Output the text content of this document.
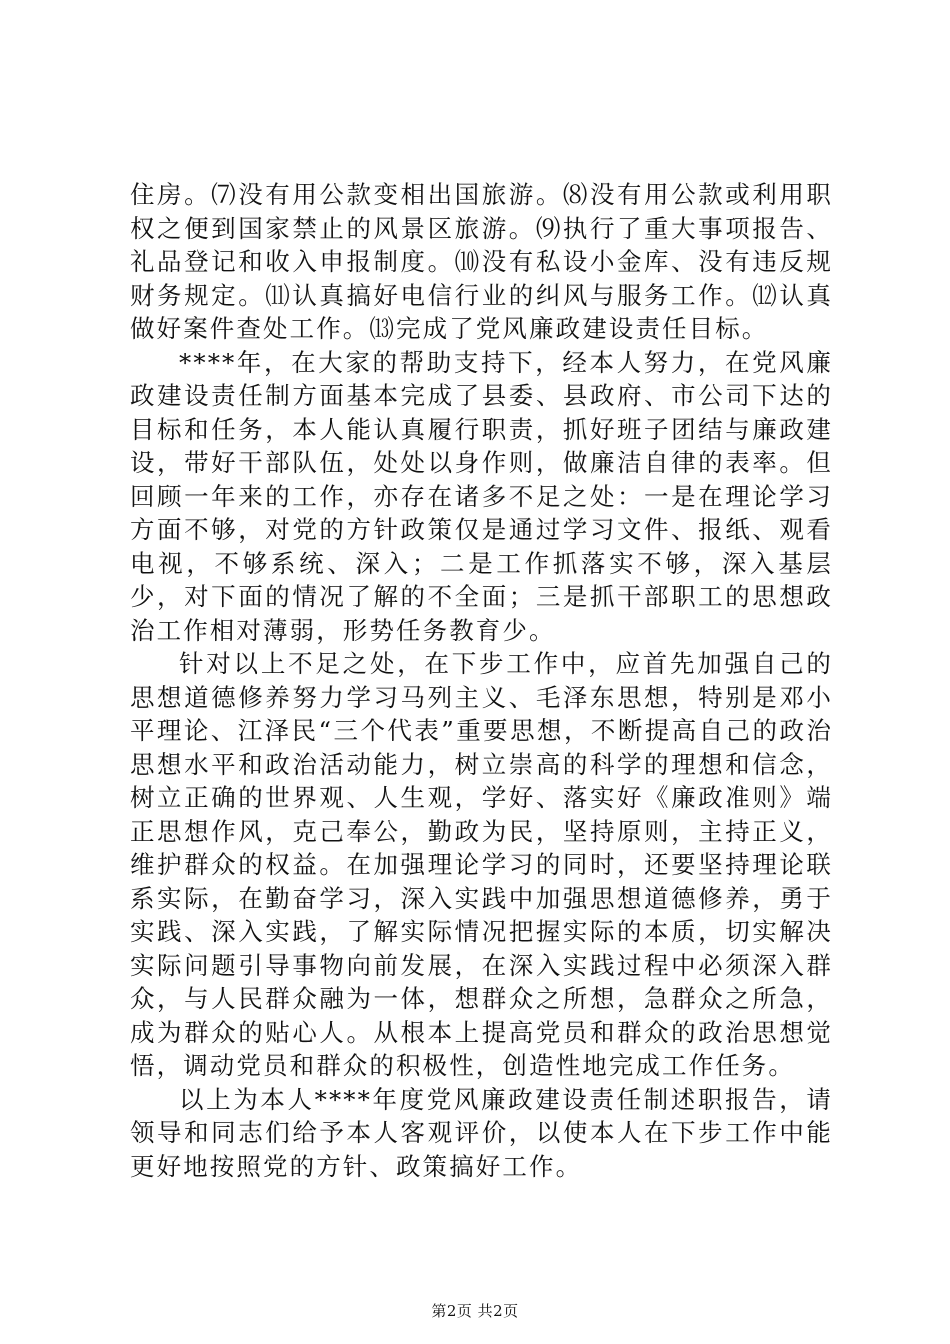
住房。⑺没有用公款变相出国旅游。⑻没有用公款或利用职权之便到国家禁止的风景区旅游。⑼执行了重大事项报告、礼品登记和收入申报制度。⑽没有私设小金库、没有违反规财务规定。⑾认真搞好电信行业的纠风与服务工作。⑿认真做好案件查处工作。⒀完成了党风廉政建设责任目标。

****年，在大家的帮助支持下，经本人努力，在党风廉政建设责任制方面基本完成了县委、县政府、市公司下达的目标和任务，本人能认真履行职责，抓好班子团结与廉政建设，带好干部队伍，处处以身作则，做廉洁自律的表率。但回顾一年来的工作，亦存在诸多不足之处：一是在理论学习方面不够，对党的方针政策仅是通过学习文件、报纸、观看电视，不够系统、深入；二是工作抓落实不够，深入基层少，对下面的情况了解的不全面；三是抓干部职工的思想政治工作相对薄弱，形势任务教育少。

针对以上不足之处，在下步工作中，应首先加强自己的思想道德修养努力学习马列主义、毛泽东思想，特别是邓小平理论、江泽民“三个代表”重要思想，不断提高自己的政治思想水平和政治活动能力，树立崇高的科学的理想和信念，树立正确的世界观、人生观，学好、落实好《廉政准则》端正思想作风，克己奉公，勤政为民，坚持原则，主持正义，维护群众的权益。在加强理论学习的同时，还要坚持理论联系实际，在勤奋学习，深入实践中加强思想道德修养，勇于实践、深入实践，了解实际情况把握实际的本质，切实解决实际问题引导事物向前发展，在深入实践过程中必须深入群众，与人民群众融为一体，想群众之所想，急群众之所急，成为群众的贴心人。从根本上提高党员和群众的政治思想觉悟，调动党员和群众的积极性，创造性地完成工作任务。

以上为本人****年度党风廉政建设责任制述职报告，请领导和同志们给予本人客观评价，以使本人在下步工作中能更好地按照党的方针、政策搞好工作。

第2页 共2页
